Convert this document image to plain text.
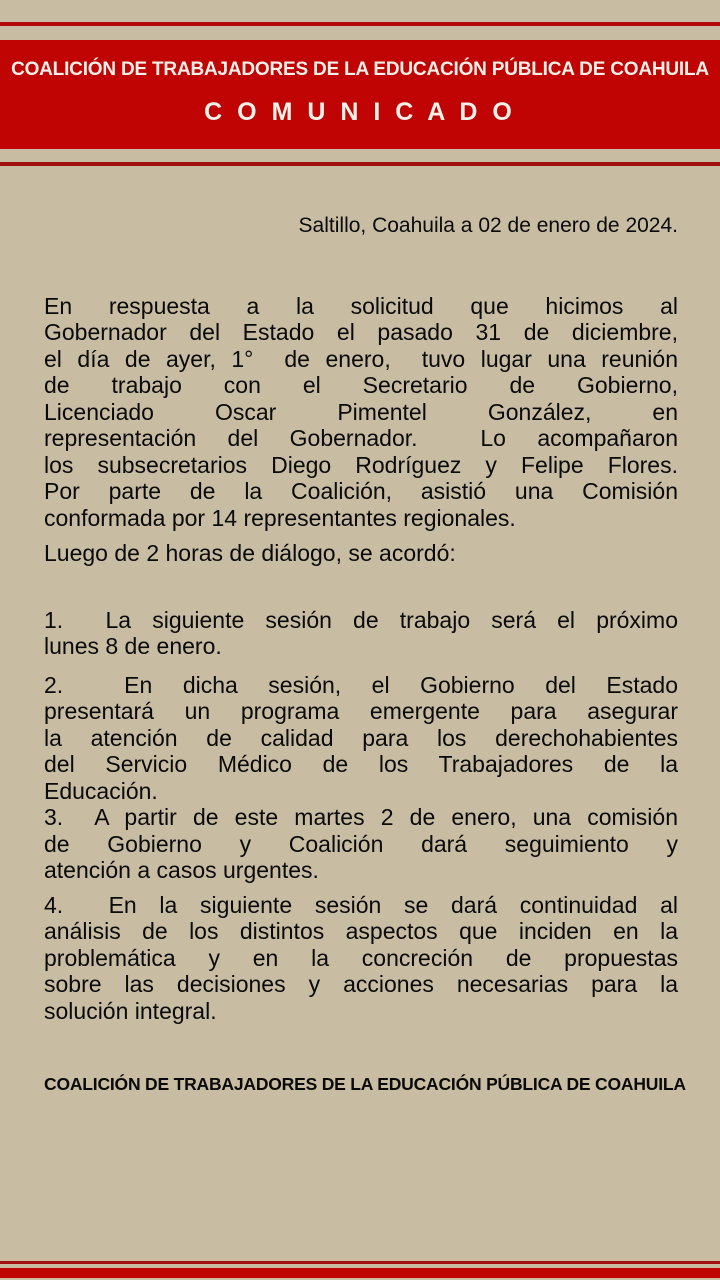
COALICIÓN DE TRABAJADORES DE LA EDUCACIÓN PÚBLICA DE COAHUILA
C O M U N I C A D O
Saltillo, Coahuila a 02 de enero de 2024.
En respuesta a la solicitud que hicimos al
Gobernador del Estado el pasado 31 de diciembre,
el día de ayer, 1°  de enero,  tuvo lugar una reunión
de trabajo con el Secretario de Gobierno,
Licenciado Oscar Pimentel González, en
representación del Gobernador.  Lo acompañaron
los subsecretarios Diego Rodríguez y Felipe Flores.
Por parte de la Coalición, asistió una Comisión
conformada por 14 representantes regionales.
Luego de 2 horas de diálogo, se acordó:
1.  La siguiente sesión de trabajo será el próximo
lunes 8 de enero.
2.  En dicha sesión, el Gobierno del Estado
presentará un programa emergente para asegurar
la atención de calidad para los derechohabientes
del Servicio Médico de los Trabajadores de la
Educación.
3.  A partir de este martes 2 de enero, una comisión
de Gobierno y Coalición dará seguimiento y
atención a casos urgentes.
4.  En la siguiente sesión se dará continuidad al
análisis de los distintos aspectos que inciden en la
problemática y en la concreción de propuestas
sobre las decisiones y acciones necesarias para la
solución integral.
COALICIÓN DE TRABAJADORES DE LA EDUCACIÓN PÚBLICA DE COAHUILA
